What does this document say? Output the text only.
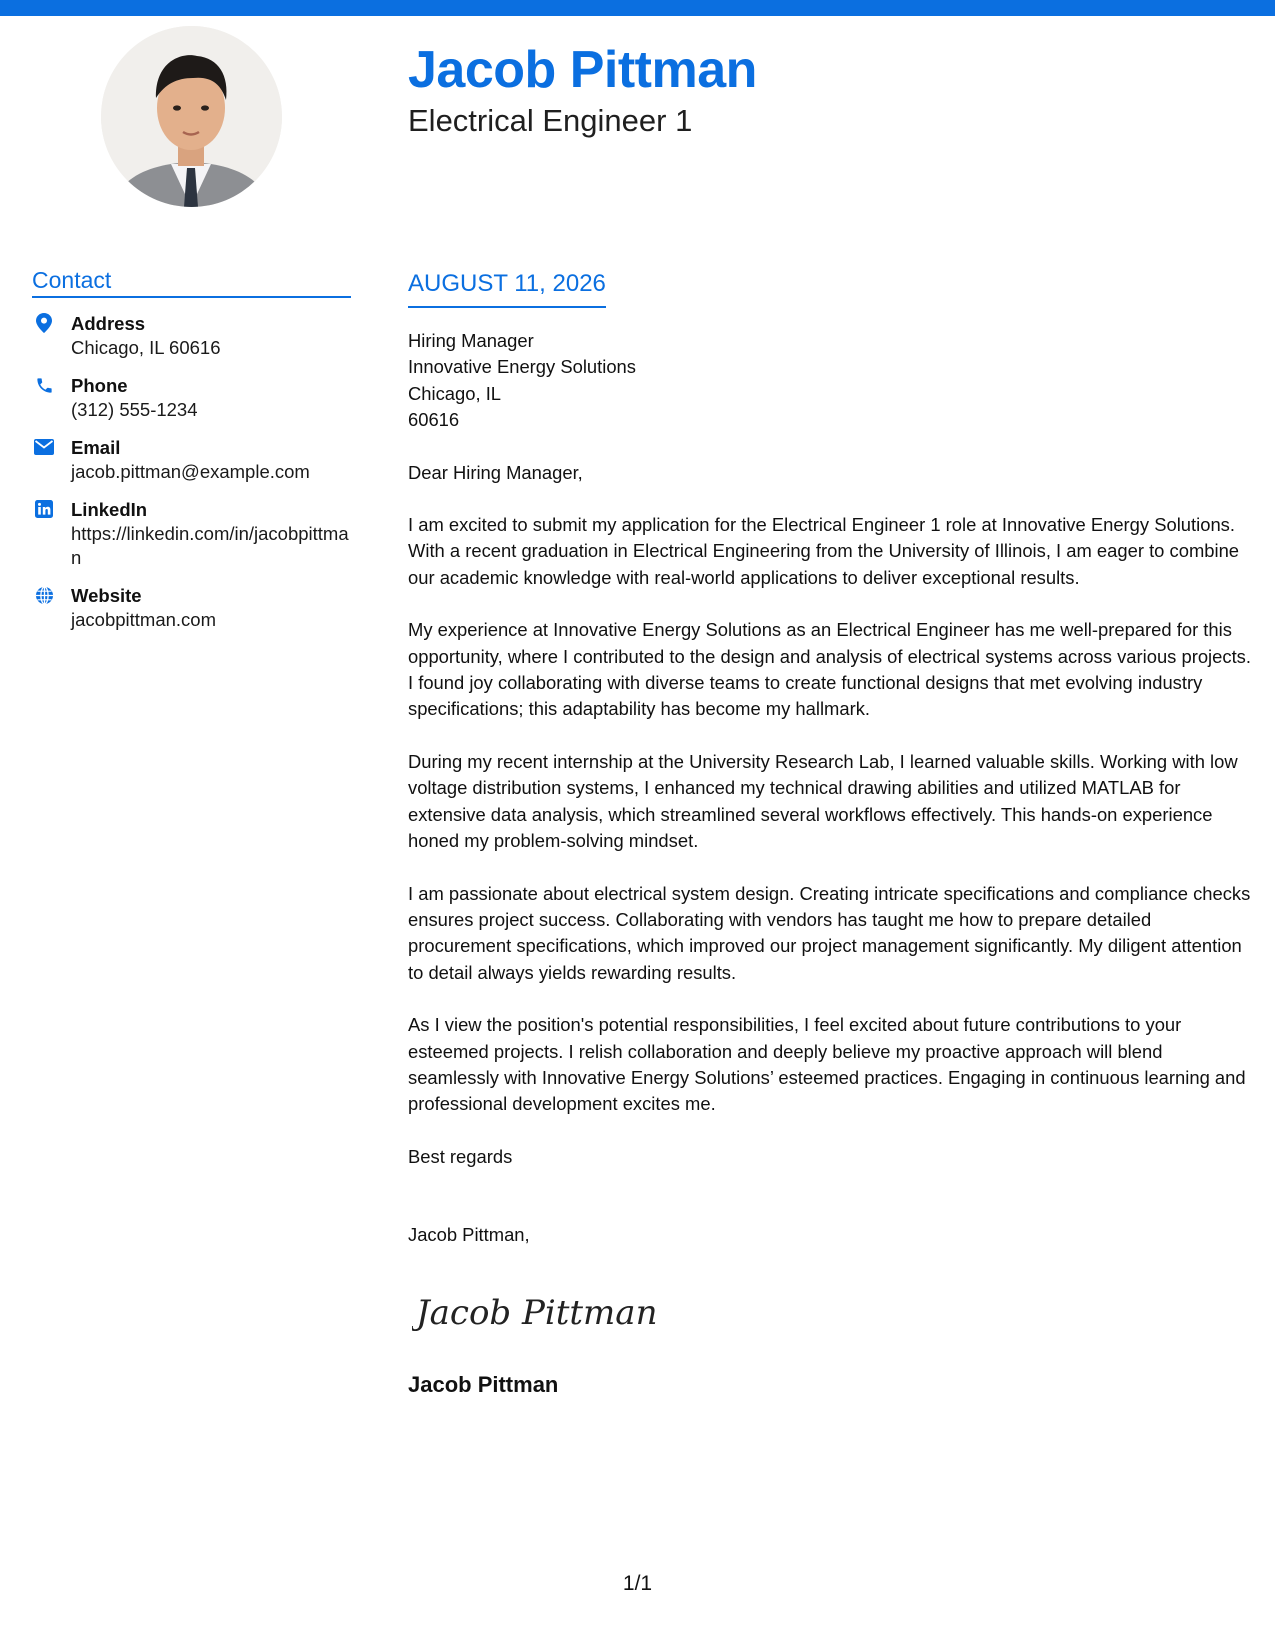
Jacob Pittman
Electrical Engineer 1
Contact
Address
Chicago, IL 60616
Phone
(312) 555-1234
Email
jacob.pittman@example.com
LinkedIn
https://linkedin.com/in/jacobpittman
Website
jacobpittman.com
AUGUST 11, 2026
Hiring Manager
Innovative Energy Solutions
Chicago, IL
60616

Dear Hiring Manager,

I am excited to submit my application for the Electrical Engineer 1 role at Innovative Energy Solutions. With a recent graduation in Electrical Engineering from the University of Illinois, I am eager to combine our academic knowledge with real-world applications to deliver exceptional results.

My experience at Innovative Energy Solutions as an Electrical Engineer has me well-prepared for this opportunity, where I contributed to the design and analysis of electrical systems across various projects. I found joy collaborating with diverse teams to create functional designs that met evolving industry specifications; this adaptability has become my hallmark.

During my recent internship at the University Research Lab, I learned valuable skills. Working with low voltage distribution systems, I enhanced my technical drawing abilities and utilized MATLAB for extensive data analysis, which streamlined several workflows effectively. This hands-on experience honed my problem-solving mindset.

I am passionate about electrical system design. Creating intricate specifications and compliance checks ensures project success. Collaborating with vendors has taught me how to prepare detailed procurement specifications, which improved our project management significantly. My diligent attention to detail always yields rewarding results.

As I view the position's potential responsibilities, I feel excited about future contributions to your esteemed projects. I relish collaboration and deeply believe my proactive approach will blend seamlessly with Innovative Energy Solutions’ esteemed practices. Engaging in continuous learning and professional development excites me.

Best regards

Jacob Pittman,

Jacob Pittman
Jacob Pittman
1/1
